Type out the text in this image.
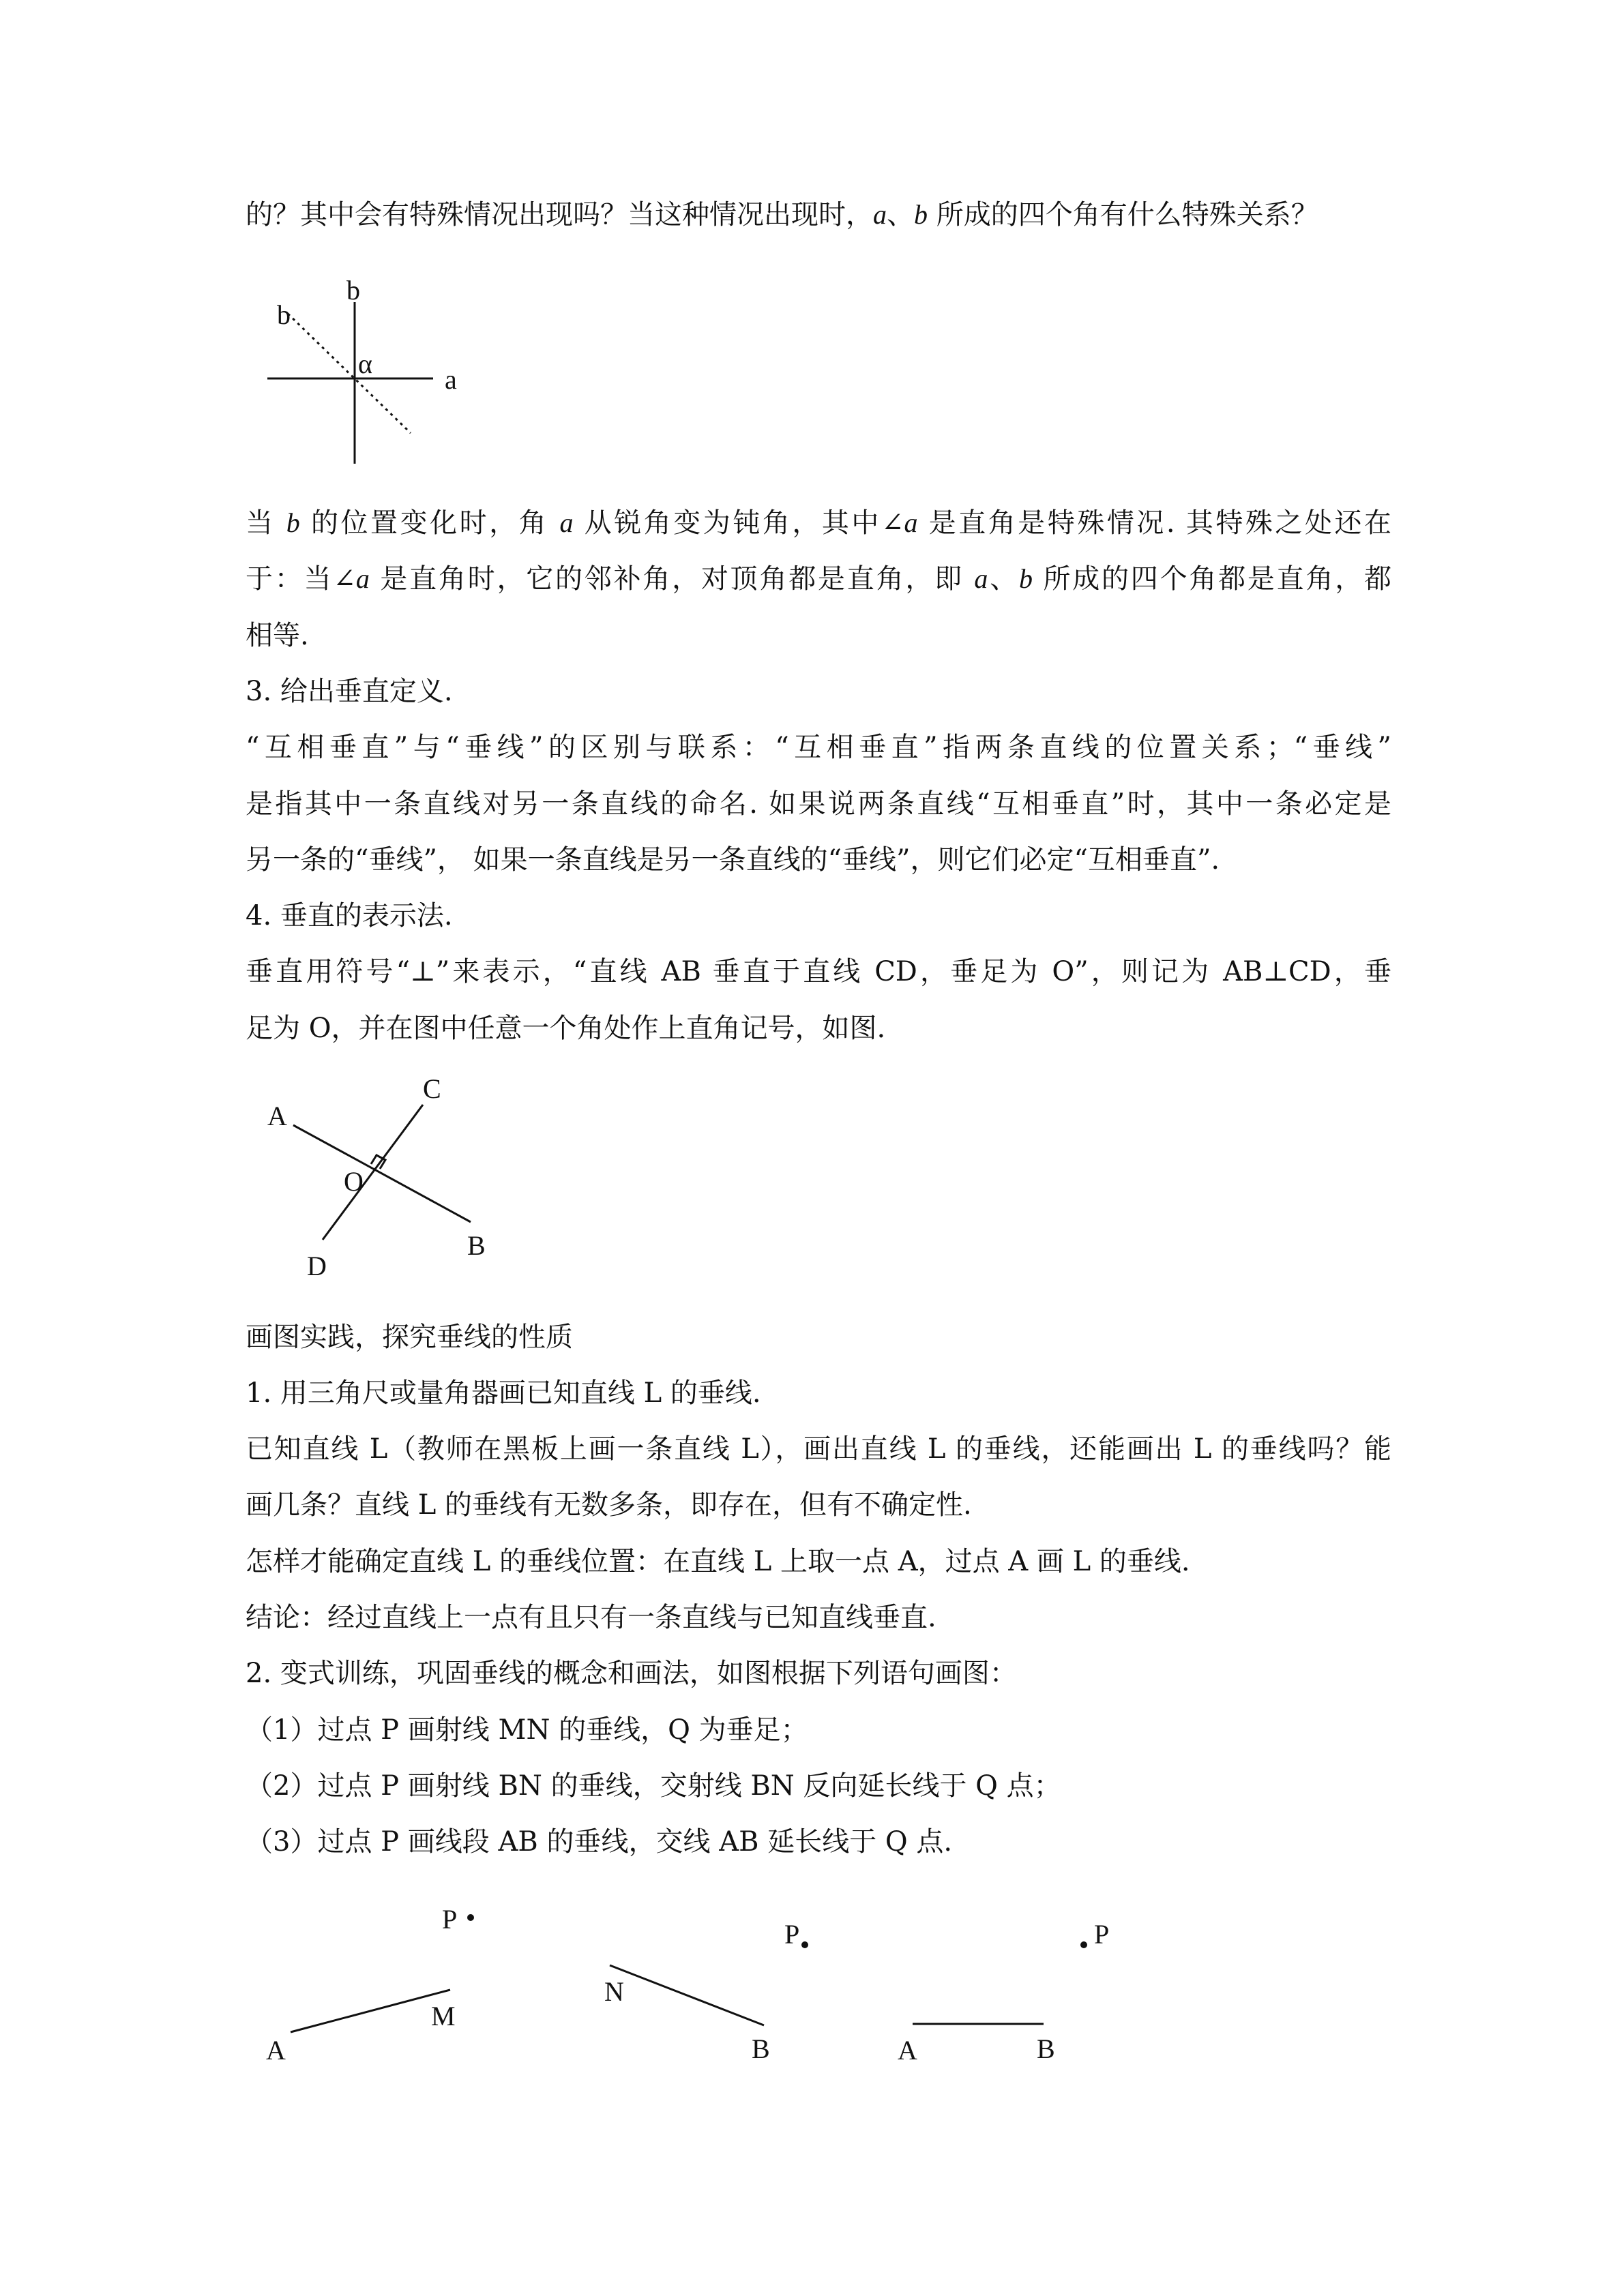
的？其中会有特殊情况出现吗？当这种情况出现时，a、b 所成的四个角有什么特殊关系？
b
b
α
a
当 b 的位置变化时，角 a 从锐角变为钝角，其中∠a 是直角是特殊情况. 其特殊之处还在
于：当∠a 是直角时，它的邻补角，对顶角都是直角，即 a、b 所成的四个角都是直角，都
相等.
3. 给出垂直定义.
“互相垂直”与“垂线”的区别与联系：“互相垂直”指两条直线的位置关系；“垂线”
是指其中一条直线对另一条直线的命名. 如果说两条直线“互相垂直”时，其中一条必定是
另一条的“垂线”， 如果一条直线是另一条直线的“垂线”，则它们必定“互相垂直”.
4. 垂直的表示法.
垂直用符号“⊥”来表示，“直线 AB 垂直于直线 CD，垂足为 O”，则记为 AB⊥CD，垂
足为 O，并在图中任意一个角处作上直角记号，如图.
A
C
O
B
D
画图实践，探究垂线的性质
1. 用三角尺或量角器画已知直线 L 的垂线.
已知直线 L（教师在黑板上画一条直线 L），画出直线 L 的垂线，还能画出 L 的垂线吗？能
画几条？直线 L 的垂线有无数多条，即存在，但有不确定性.
怎样才能确定直线 L 的垂线位置：在直线 L 上取一点 A，过点 A 画 L 的垂线.
结论：经过直线上一点有且只有一条直线与已知直线垂直.
2. 变式训练，巩固垂线的概念和画法，如图根据下列语句画图：
（1）过点 P 画射线 MN 的垂线，Q 为垂足；
（2）过点 P 画射线 BN 的垂线，交射线 BN 反向延长线于 Q 点；
（3）过点 P 画线段 AB 的垂线，交线 AB 延长线于 Q 点.
P
A
M
P
N
B
P
A	B
